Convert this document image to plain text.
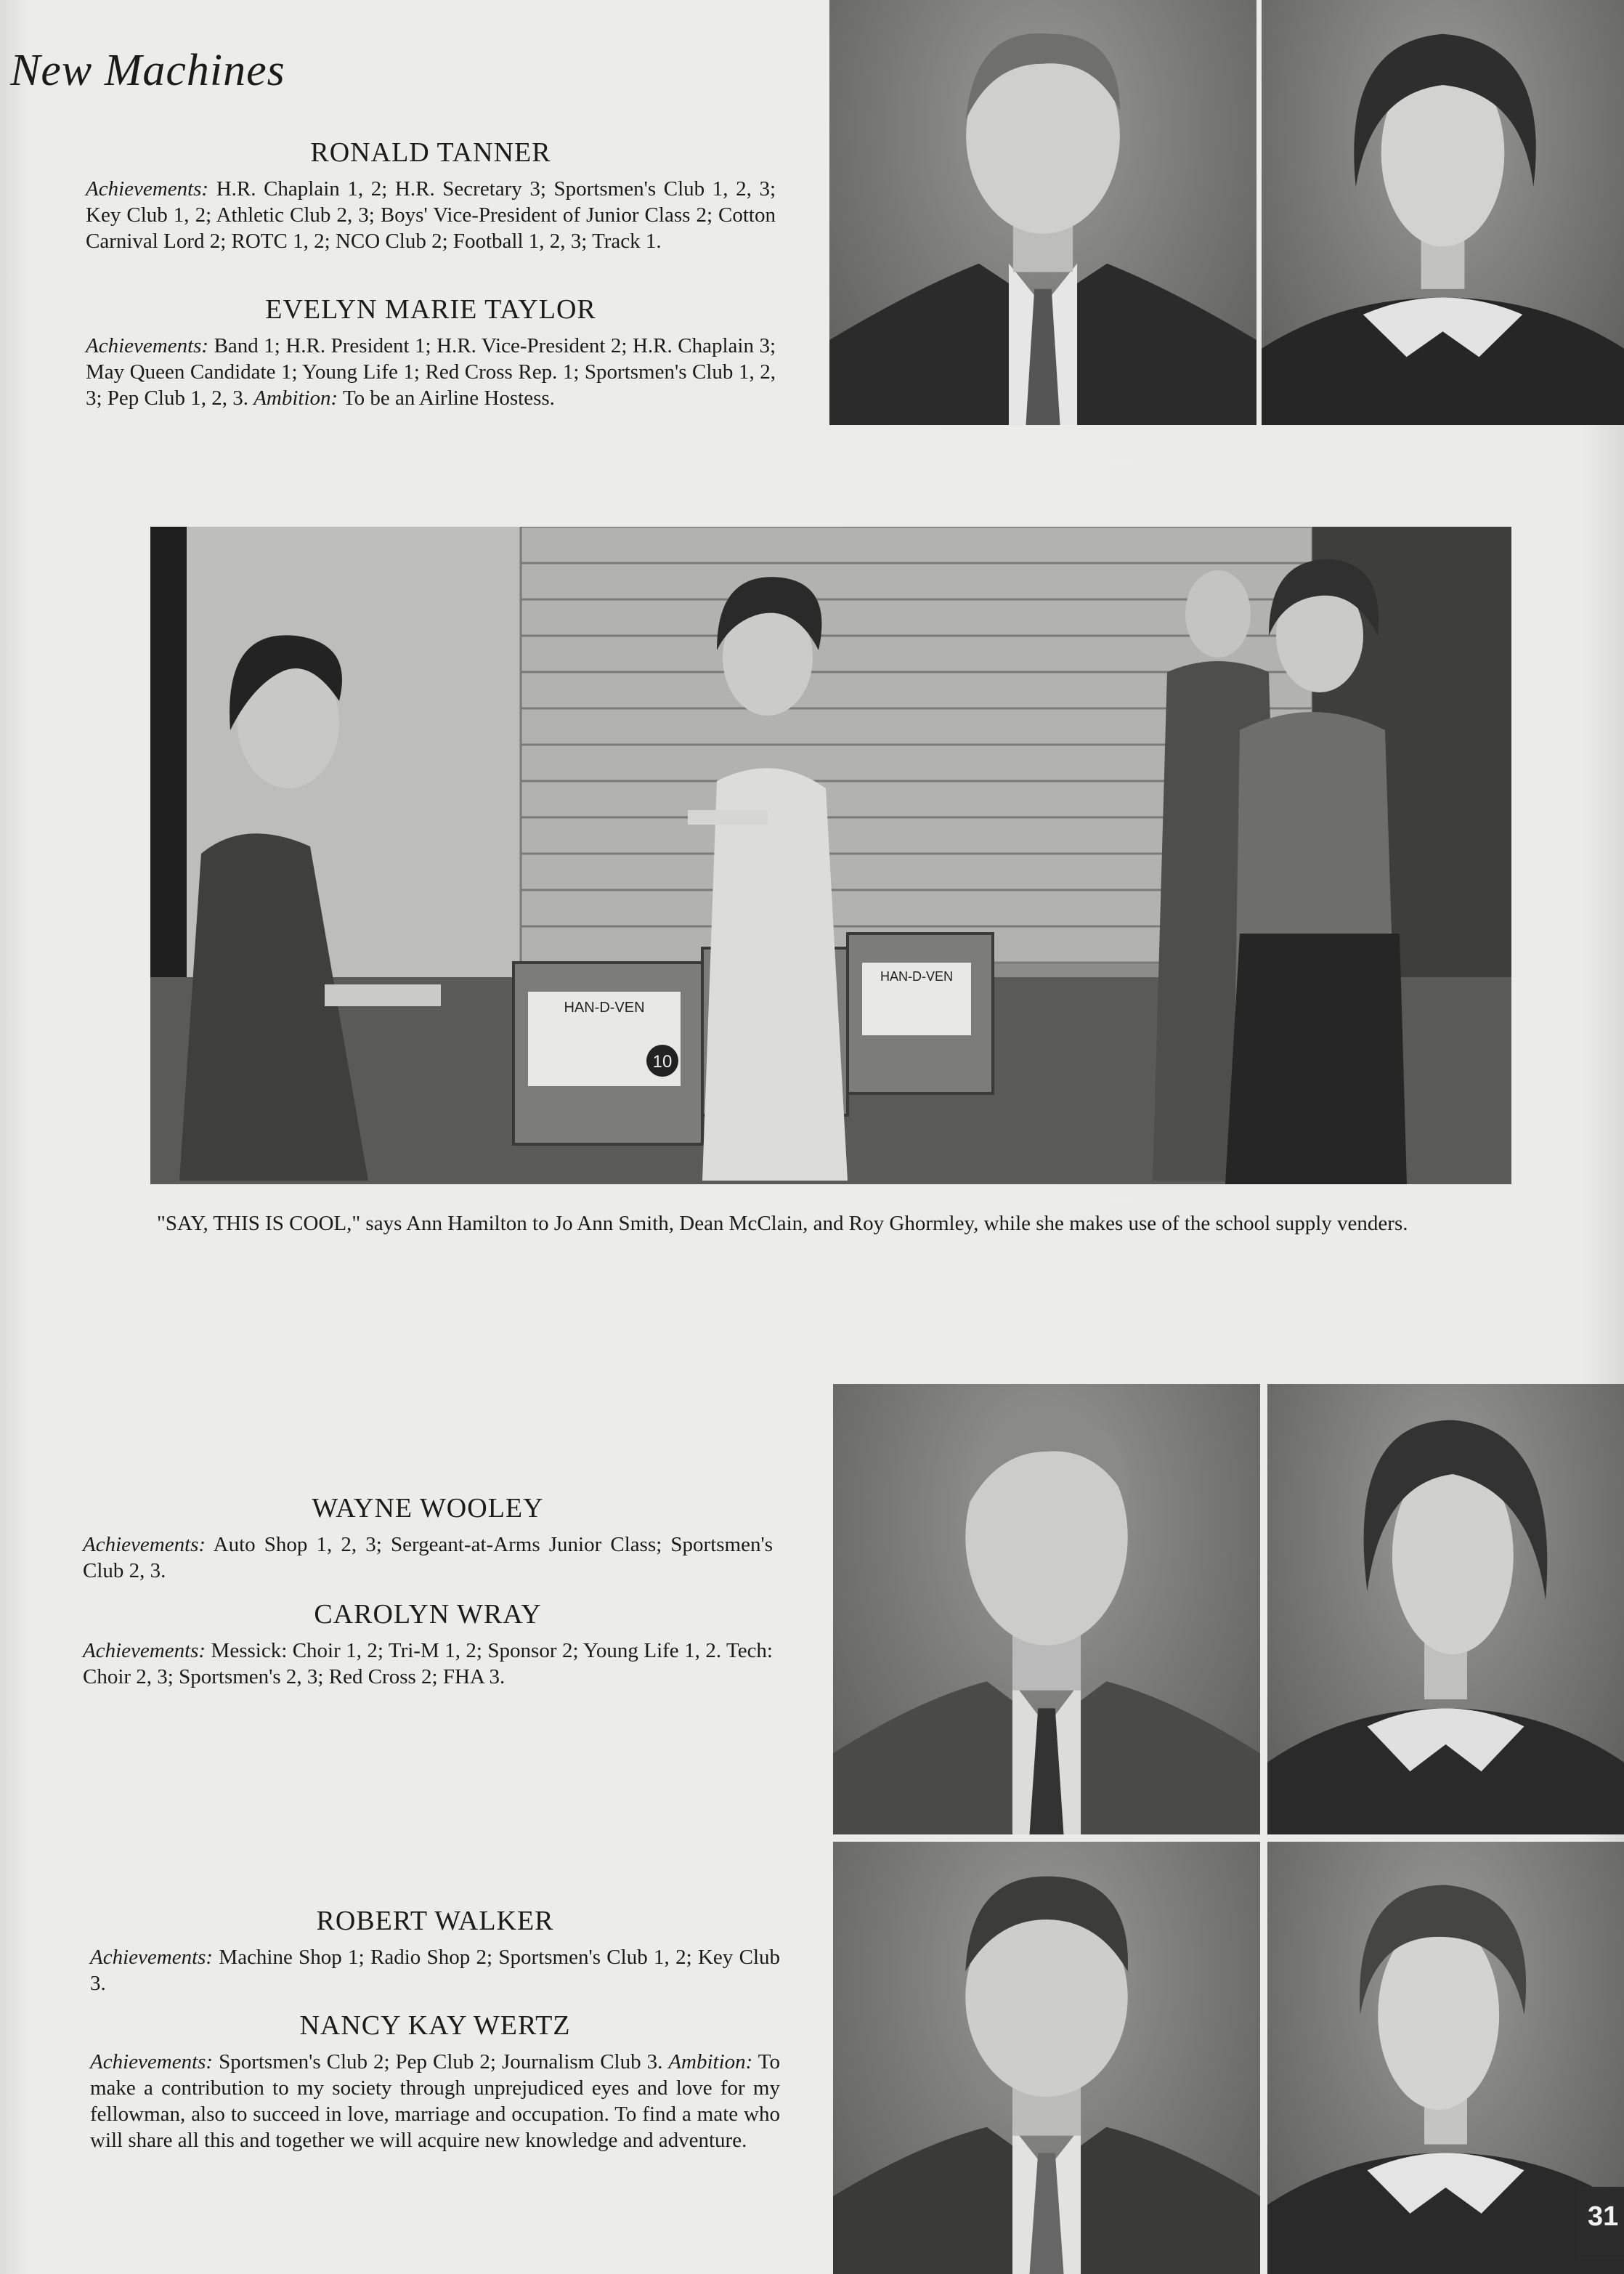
New Machines

RONALD TANNER

Achievements: H.R. Chaplain 1, 2; H.R. Secretary 3; Sportsmen's Club 1, 2, 3; Key Club 1, 2; Athletic Club 2, 3; Boys' Vice-President of Junior Class 2; Cotton Carnival Lord 2; ROTC 1, 2; NCO Club 2; Football 1, 2, 3; Track 1.

EVELYN MARIE TAYLOR

Achievements: Band 1; H.R. President 1; H.R. Vice-President 2; H.R. Chaplain 3; May Queen Candidate 1; Young Life 1; Red Cross Rep. 1; Sportsmen's Club 1, 2, 3; Pep Club 1, 2, 3. Ambition: To be an Airline Hostess.

WAYNE WOOLEY

Achievements: Auto Shop 1, 2, 3; Sergeant-at-Arms Junior Class; Sportsmen's Club 2, 3.

CAROLYN WRAY

Achievements: Messick: Choir 1, 2; Tri-M 1, 2; Sponsor 2; Young Life 1, 2. Tech: Choir 2, 3; Sportsmen's 2, 3; Red Cross 2; FHA 3.

ROBERT WALKER

Achievements: Machine Shop 1; Radio Shop 2; Sportsmen's Club 1, 2; Key Club 3.

NANCY KAY WERTZ

Achievements: Sportsmen's Club 2; Pep Club 2; Journalism Club 3. Ambition: To make a contribution to my society through unprejudiced eyes and love for my fellowman, also to succeed in love, marriage and occupation. To find a mate who will share all this and together we will acquire new knowledge and adventure.

HAN-D-VEN
10
HAN-D-VEN
"SAY, THIS IS COOL," says Ann Hamilton to Jo Ann Smith, Dean McClain, and Roy Ghormley, while she makes use of the school supply venders.
31
